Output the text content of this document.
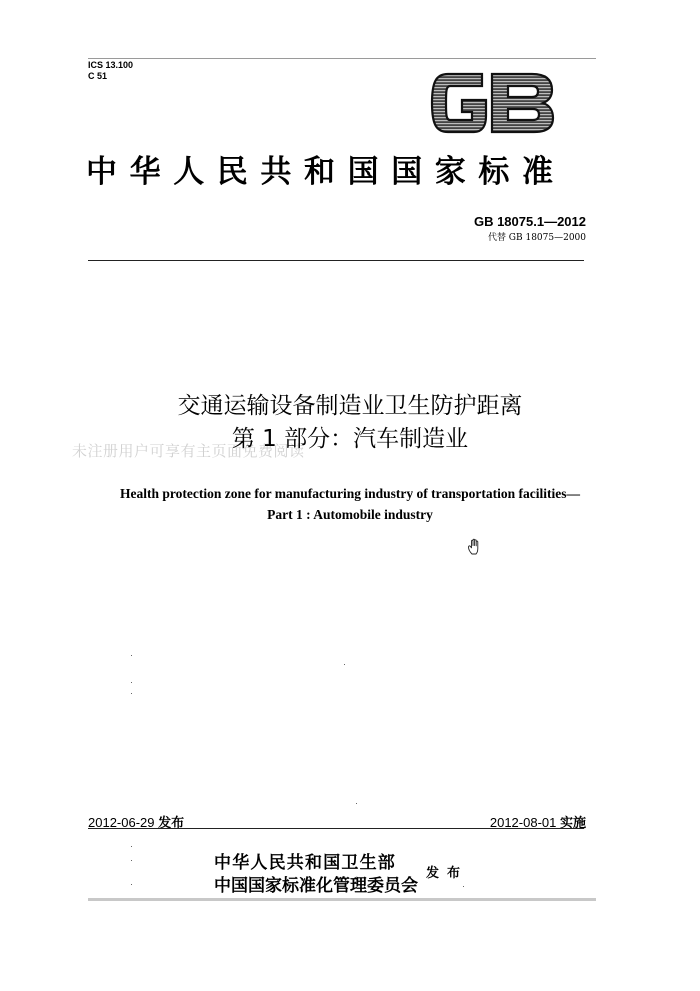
ICS 13.100
C 51
中华人民共和国国家标准
GB 18075.1—2012
代替 GB 18075—2000
交通运输设备制造业卫生防护距离
未注册用户可享有主页面免费阅读
第 1 部分：汽车制造业
Health protection zone for manufacturing industry of transportation facilities—
Part 1 : Automobile industry
2012-06-29 发布	2012-08-01 实施
中华人民共和国卫生部
中国国家标准化管理委员会
发布
